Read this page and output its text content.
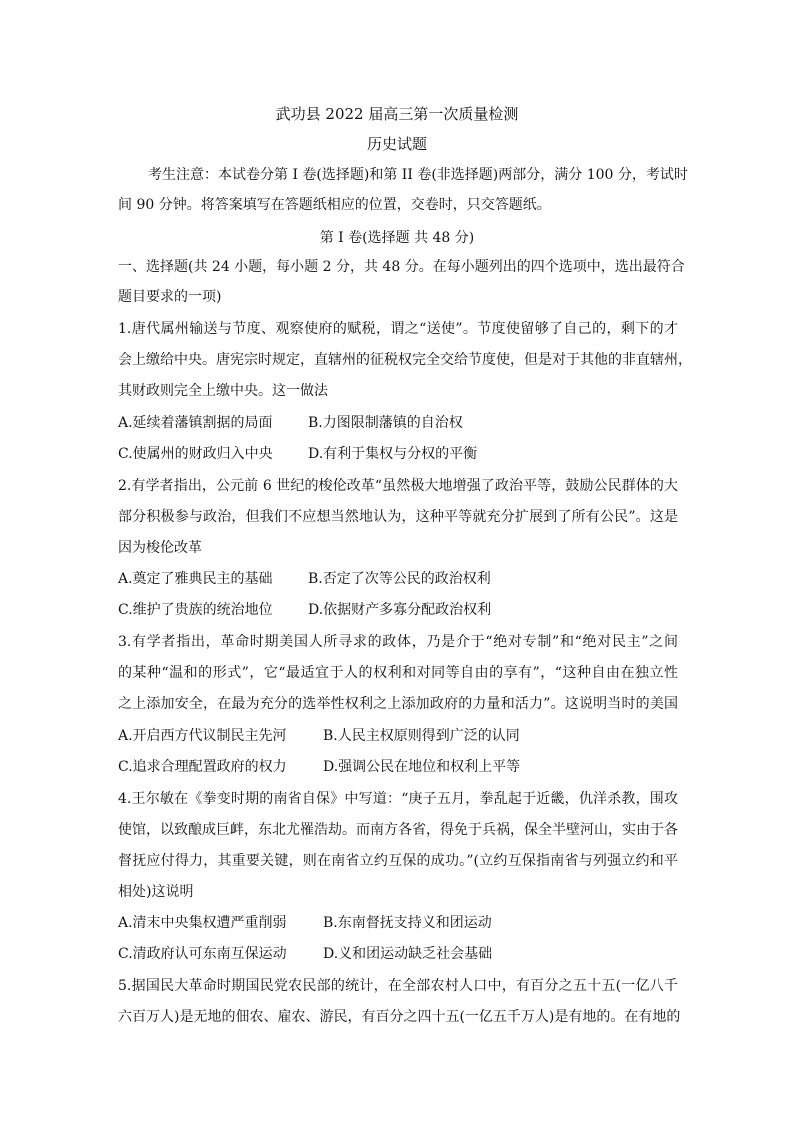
武功县 2022 届高三第一次质量检测
历史试题
考生注意：本试卷分第 I 卷(选择题)和第 II 卷(非选择题)两部分，满分 100 分，考试时
间 90 分钟。将答案填写在答题纸相应的位置，交卷时，只交答题纸。
第 I 卷(选择题 共 48 分)
一、选择题(共 24 小题，每小题 2 分，共 48 分。在每小题列出的四个选项中，选出最符合
题目要求的一项)
1.唐代属州输送与节度、观察使府的赋税，谓之“送使”。节度使留够了自己的，剩下的才
会上缴给中央。唐宪宗时规定，直辖州的征税权完全交给节度使，但是对于其他的非直辖州，
其财政则完全上缴中央。这一做法
A.延续着藩镇割据的局面	B.力图限制藩镇的自治权
C.使属州的财政归入中央	D.有利于集权与分权的平衡
2.有学者指出，公元前 6 世纪的梭伦改革“虽然极大地增强了政治平等，鼓励公民群体的大
部分积极参与政治，但我们不应想当然地认为，这种平等就充分扩展到了所有公民”。这是
因为梭伦改革
A.奠定了雅典民主的基础	B.否定了次等公民的政治权利
C.维护了贵族的统治地位	D.依据财产多寡分配政治权利
3.有学者指出，革命时期美国人所寻求的政体，乃是介于“绝对专制”和“绝对民主”之间
的某种“温和的形式”，它“最适宜于人的权利和对同等自由的享有”，“这种自由在独立性
之上添加安全，在最为充分的选举性权利之上添加政府的力量和活力”。这说明当时的美国
A.开启西方代议制民主先河	B.人民主权原则得到广泛的认同
C.追求合理配置政府的权力	D.强调公民在地位和权利上平等
4.王尔敏在《拳变时期的南省自保》中写道：“庚子五月，拳乱起于近畿，仇洋杀教，围攻
使馆，以致酿成巨衅，东北尤罹浩劫。而南方各省，得免于兵祸，保全半壁河山，实由于各
督抚应付得力，其重要关键，则在南省立约互保的成功。”(立约互保指南省与列强立约和平
相处)这说明
A.清末中央集权遭严重削弱	B.东南督抚支持义和团运动
C.清政府认可东南互保运动	D.义和团运动缺乏社会基础
5.据国民大革命时期国民党农民部的统计，在全部农村人口中，有百分之五十五(一亿八千
六百万人)是无地的佃农、雇农、游民，有百分之四十五(一亿五千万人)是有地的。在有地的
